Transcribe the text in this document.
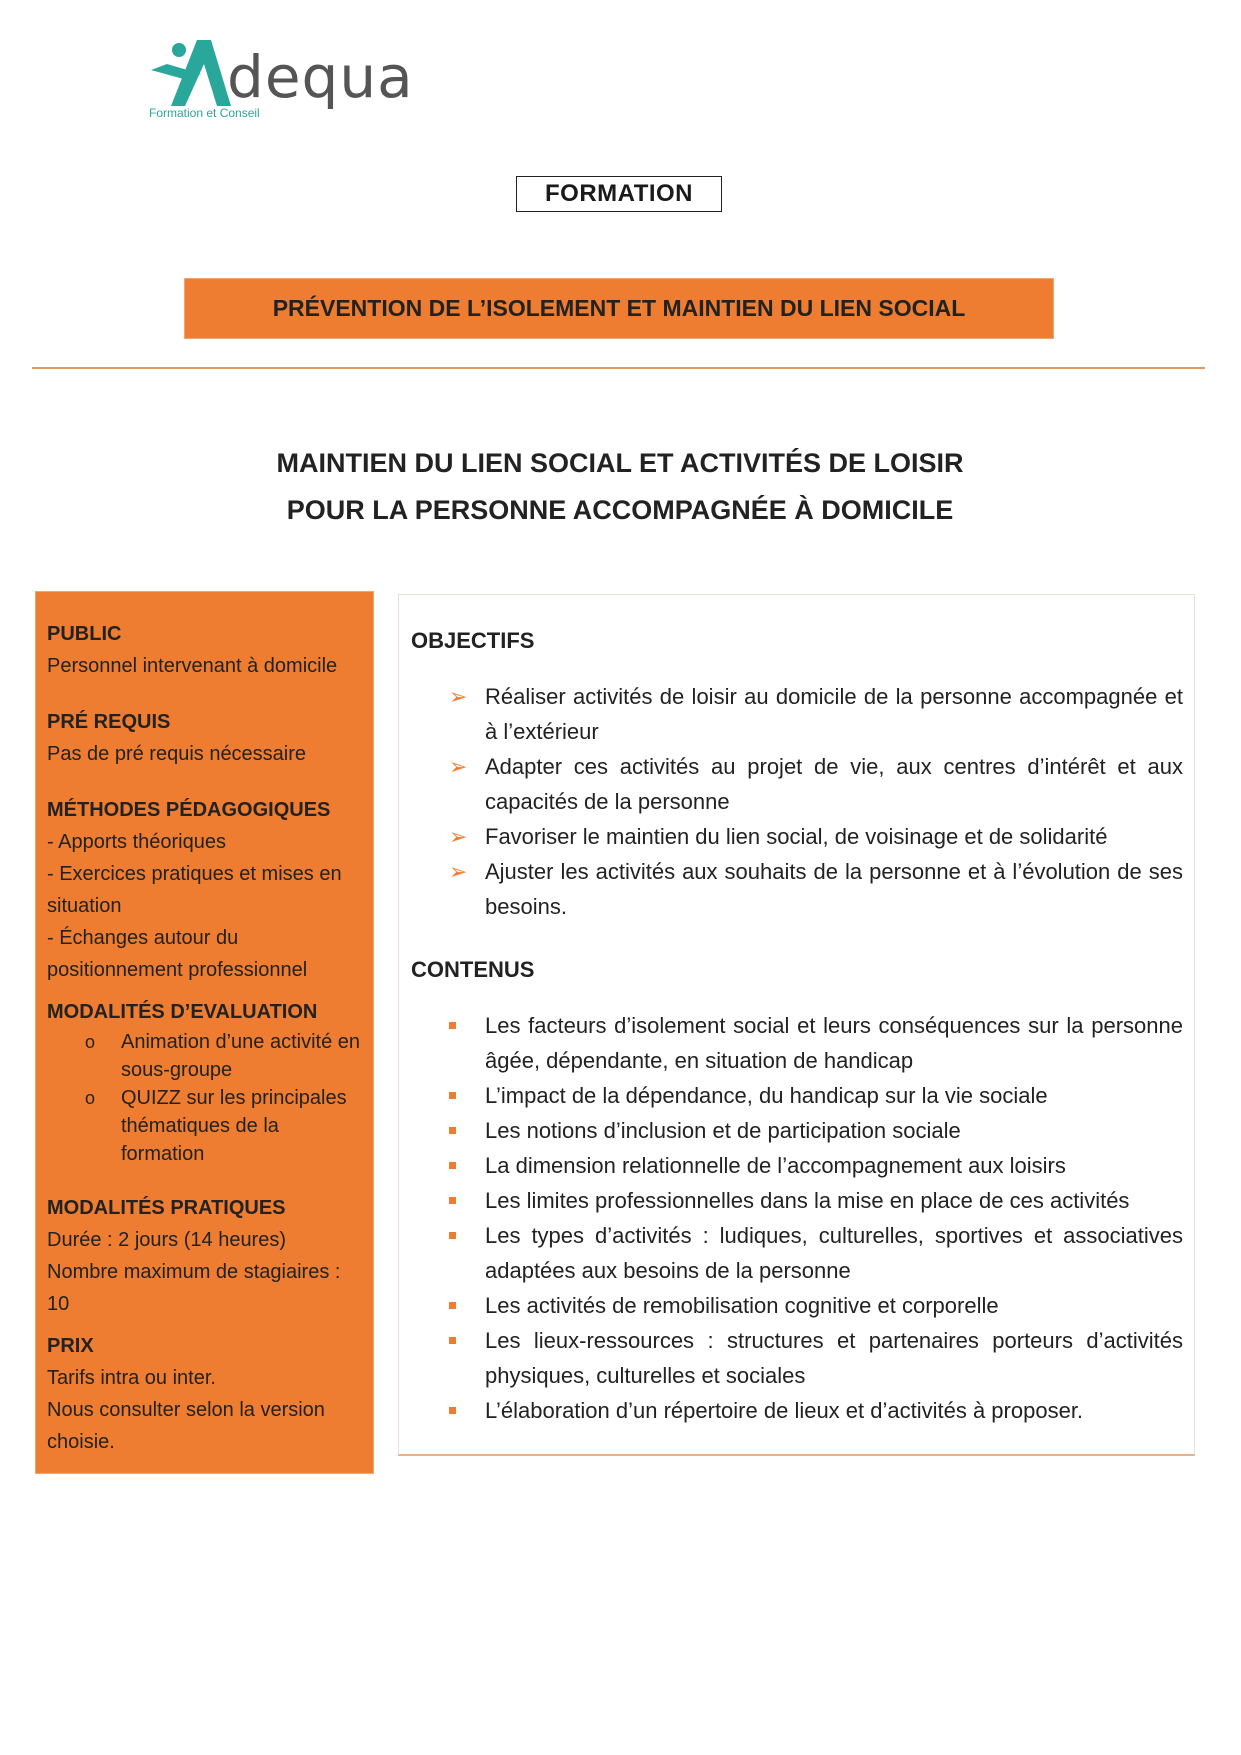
dequa
Formation et Conseil
FORMATION
PRÉVENTION DE L’ISOLEMENT ET MAINTIEN DU LIEN SOCIAL
MAINTIEN DU LIEN SOCIAL ET ACTIVITÉS DE LOISIR
POUR LA PERSONNE ACCOMPAGNÉE À DOMICILE
PUBLIC
Personnel intervenant à domicile
PRÉ REQUIS
Pas de pré requis nécessaire
MÉTHODES PÉDAGOGIQUES
- Apports théoriques
- Exercices pratiques et mises en situation
- Échanges autour du positionnement professionnel
MODALITÉS D’EVALUATION
o Animation d’une activité en sous-groupe
o QUIZZ sur les principales thématiques de la formation
MODALITÉS PRATIQUES
Durée : 2 jours (14 heures)
Nombre maximum de stagiaires : 10
PRIX
Tarifs intra ou inter.
Nous consulter selon la version choisie.
OBJECTIFS
➢ Réaliser activités de loisir au domicile de la personne accompagnée et à l’extérieur
➢ Adapter ces activités au projet de vie, aux centres d’intérêt et aux capacités de la personne
➢ Favoriser le maintien du lien social, de voisinage et de solidarité
➢ Ajuster les activités aux souhaits de la personne et à l’évolution de ses besoins.
CONTENUS
Les facteurs d’isolement social et leurs conséquences sur la personne âgée, dépendante, en situation de handicap
L’impact de la dépendance, du handicap sur la vie sociale
Les notions d’inclusion et de participation sociale
La dimension relationnelle de l’accompagnement aux loisirs
Les limites professionnelles dans la mise en place de ces activités
Les types d’activités : ludiques, culturelles, sportives et associatives adaptées aux besoins de la personne
Les activités de remobilisation cognitive et corporelle
Les lieux-ressources : structures et partenaires porteurs d’activités physiques, culturelles et sociales
L’élaboration d’un répertoire de lieux et d’activités à proposer.
